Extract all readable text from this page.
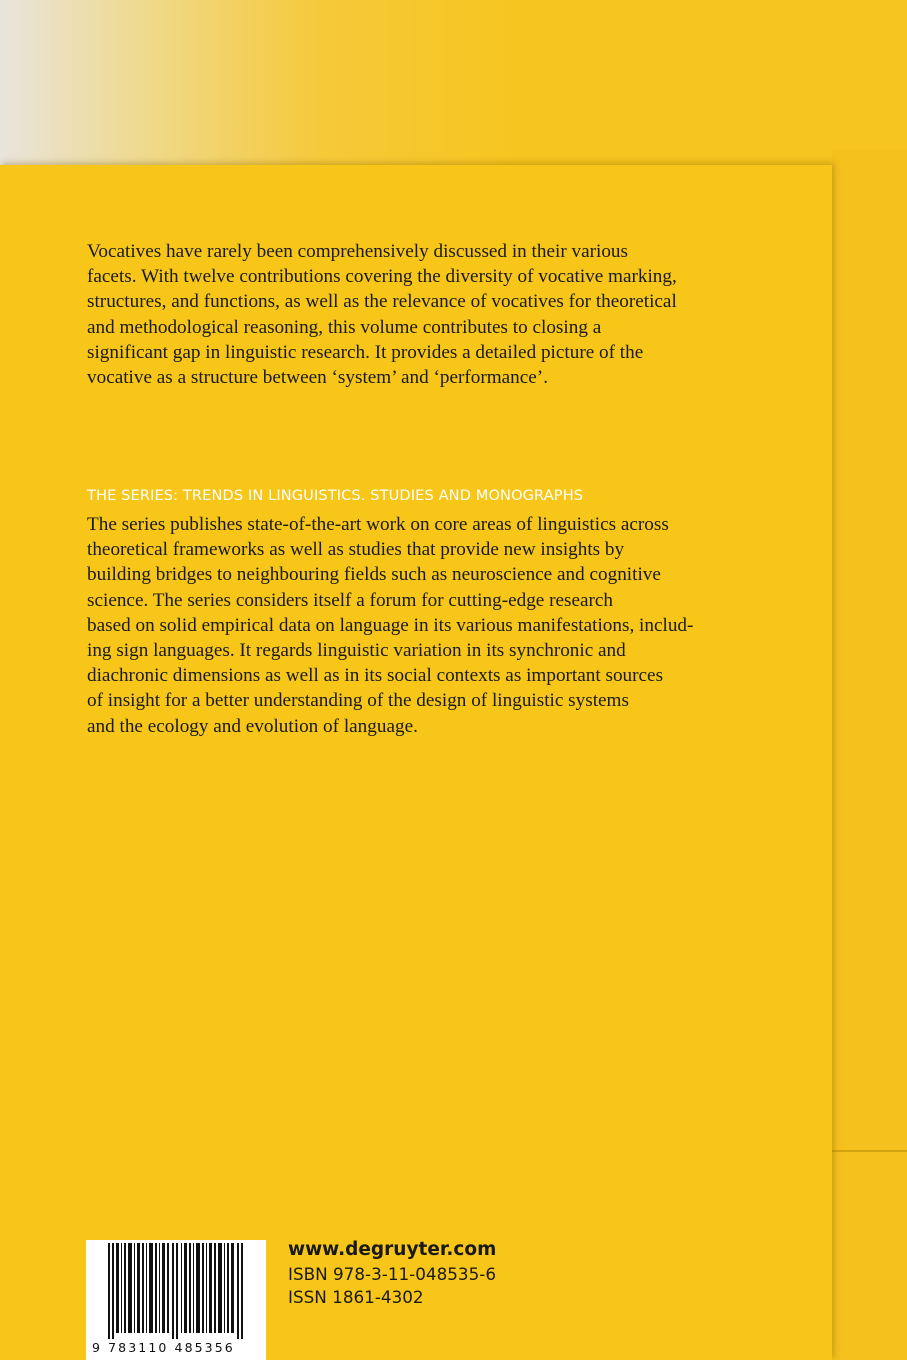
Vocatives have rarely been comprehensively discussed in their various
facets. With twelve contributions covering the diversity of vocative marking,
structures, and functions, as well as the relevance of vocatives for theoretical
and methodological reasoning, this volume contributes to closing a
significant gap in linguistic research. It provides a detailed picture of the
vocative as a structure between ‘system’ and ‘performance’.

THE SERIES: TRENDS IN LINGUISTICS. STUDIES AND MONOGRAPHS

The series publishes state-of-the-art work on core areas of linguistics across
theoretical frameworks as well as studies that provide new insights by
building bridges to neighbouring fields such as neuroscience and cognitive
science. The series considers itself a forum for cutting-edge research
based on solid empirical data on language in its various manifestations, includ-
ing sign languages. It regards linguistic variation in its synchronic and
diachronic dimensions as well as in its social contexts as important sources
of insight for a better understanding of the design of linguistic systems
and the ecology and evolution of language.

9 783110 485356
www.degruyter.com
ISBN 978-3-11-048535-6
ISSN 1861-4302
